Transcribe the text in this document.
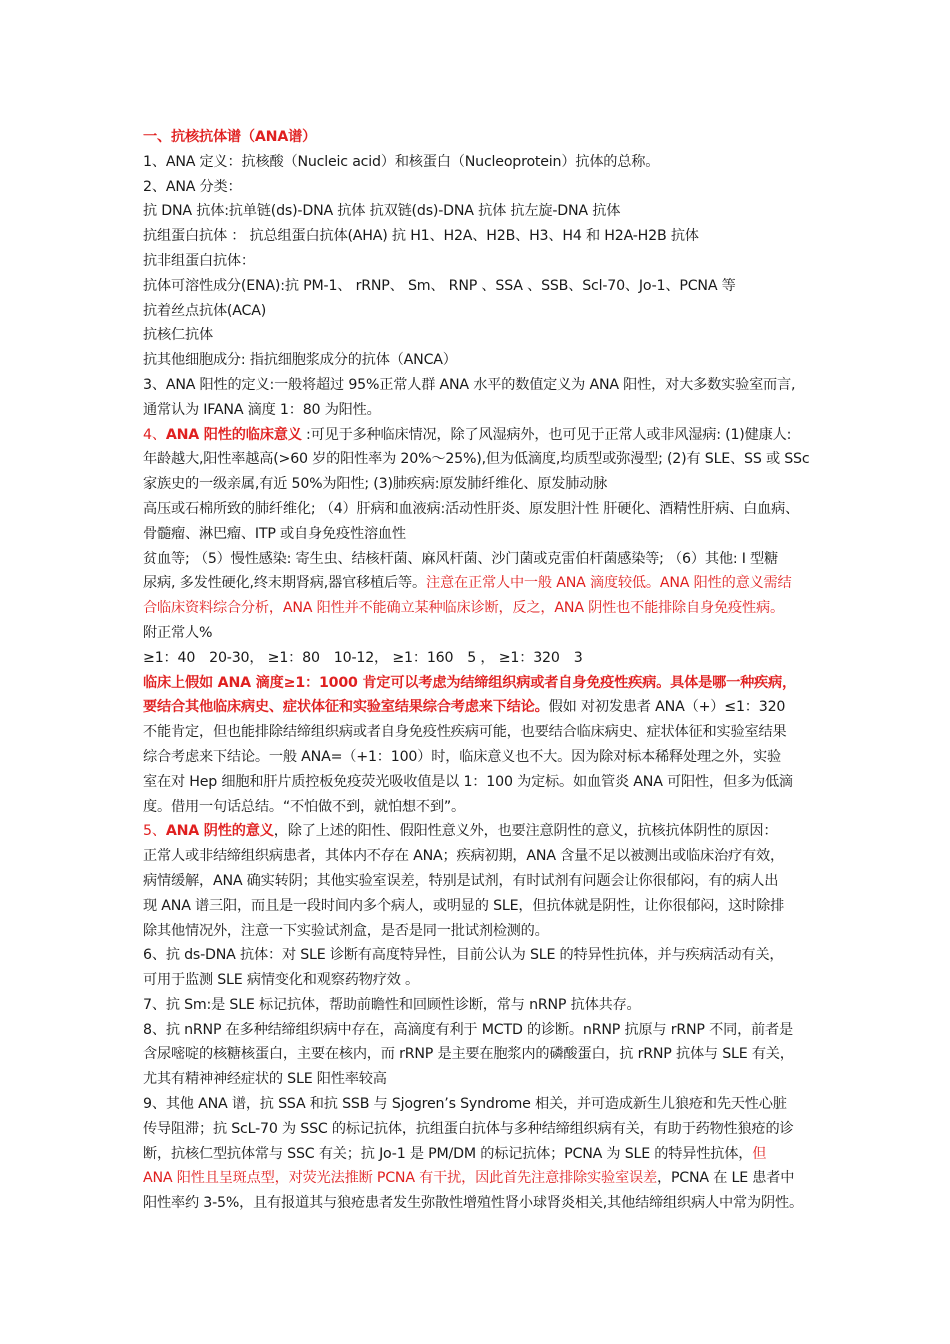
一、抗核抗体谱（ANA谱）
1、ANA 定义：抗核酸（Nucleic acid）和核蛋白（Nucleoprotein）抗体的总称。
2、ANA 分类：
抗 DNA 抗体:抗单链(ds)-DNA 抗体 抗双链(ds)-DNA 抗体 抗左旋-DNA 抗体
抗组蛋白抗体 ： 抗总组蛋白抗体(AHA) 抗 H1、H2A、H2B、H3、H4 和 H2A-H2B 抗体
抗非组蛋白抗体：
抗体可溶性成分(ENA):抗 PM-1、 rRNP、 Sm、 RNP 、SSA 、SSB、Scl-70、Jo-1、PCNA 等
抗着丝点抗体(ACA)
抗核仁抗体
抗其他细胞成分: 指抗细胞浆成分的抗体（ANCA）
3、ANA 阳性的定义:一般将超过 95%正常人群 ANA 水平的数值定义为 ANA 阳性，对大多数实验室而言,
通常认为 IFANA 滴度 1：80 为阳性。
4、ANA 阳性的临床意义 :可见于多种临床情况，除了风湿病外，也可见于正常人或非风湿病: (1)健康人:
年龄越大,阳性率越高(>60 岁的阳性率为 20%～25%),但为低滴度,均质型或弥漫型; (2)有 SLE、SS 或 SSc
家族史的一级亲属,有近 50%为阳性; (3)肺疾病:原发肺纤维化、原发肺动脉
高压或石棉所致的肺纤维化; （4）肝病和血液病:活动性肝炎、原发胆汁性 肝硬化、酒精性肝病、白血病、
骨髓瘤、淋巴瘤、ITP 或自身免疫性溶血性
贫血等; （5）慢性感染: 寄生虫、结核杆菌、麻风杆菌、沙门菌或克雷伯杆菌感染等; （6）其他: I 型糖
尿病, 多发性硬化,终末期肾病,器官移植后等。注意在正常人中一般 ANA 滴度较低。ANA 阳性的意义需结
合临床资料综合分析，ANA 阳性并不能确立某种临床诊断，反之，ANA 阴性也不能排除自身免疫性病。
附正常人%
≥1：40　20-30， ≥1：80　10-12， ≥1：160　5 ， ≥1：320　3
临床上假如 ANA 滴度≥1：1000 肯定可以考虑为结缔组织病或者自身免疫性疾病。具体是哪一种疾病，
要结合其他临床病史、症状体征和实验室结果综合考虑来下结论。假如 对初发患者 ANA（+）≤1：320
不能肯定，但也能排除结缔组织病或者自身免疫性疾病可能，也要结合临床病史、症状体征和实验室结果
综合考虑来下结论。一般 ANA=（+1：100）时，临床意义也不大。因为除对标本稀释处理之外，实验
室在对 Hep 细胞和肝片质控板免疫荧光吸收值是以 1：100 为定标。如血管炎 ANA 可阳性，但多为低滴
度。借用一句话总结。“不怕做不到，就怕想不到”。
5、ANA 阴性的意义，除了上述的阳性、假阳性意义外，也要注意阴性的意义，抗核抗体阴性的原因：
正常人或非结缔组织病患者，其体内不存在 ANA；疾病初期，ANA 含量不足以被测出或临床治疗有效，
病情缓解，ANA 确实转阴；其他实验室误差，特别是试剂，有时试剂有问题会让你很郁闷，有的病人出
现 ANA 谱三阳，而且是一段时间内多个病人，或明显的 SLE，但抗体就是阴性，让你很郁闷，这时除排
除其他情况外，注意一下实验试剂盒，是否是同一批试剂检测的。
6、抗 ds-DNA 抗体：对 SLE 诊断有高度特异性，目前公认为 SLE 的特异性抗体，并与疾病活动有关，
可用于监测 SLE 病情变化和观察药物疗效 。
7、抗 Sm:是 SLE 标记抗体，帮助前瞻性和回顾性诊断，常与 nRNP 抗体共存。
8、抗 nRNP 在多种结缔组织病中存在，高滴度有利于 MCTD 的诊断。nRNP 抗原与 rRNP 不同，前者是
含尿嘧啶的核糖核蛋白，主要在核内，而 rRNP 是主要在胞浆内的磷酸蛋白，抗 rRNP 抗体与 SLE 有关，
尤其有精神神经症状的 SLE 阳性率较高
9、其他 ANA 谱，抗 SSA 和抗 SSB 与 Sjogren’s Syndrome 相关，并可造成新生儿狼疮和先天性心脏
传导阻滞；抗 ScL-70 为 SSC 的标记抗体，抗组蛋白抗体与多种结缔组织病有关，有助于药物性狼疮的诊
断，抗核仁型抗体常与 SSC 有关；抗 Jo-1 是 PM/DM 的标记抗体；PCNA 为 SLE 的特异性抗体，但
ANA 阳性且呈斑点型，对荧光法推断 PCNA 有干扰，因此首先注意排除实验室误差，PCNA 在 LE 患者中
阳性率约 3-5%，且有报道其与狼疮患者发生弥散性增殖性肾小球肾炎相关,其他结缔组织病人中常为阴性。
